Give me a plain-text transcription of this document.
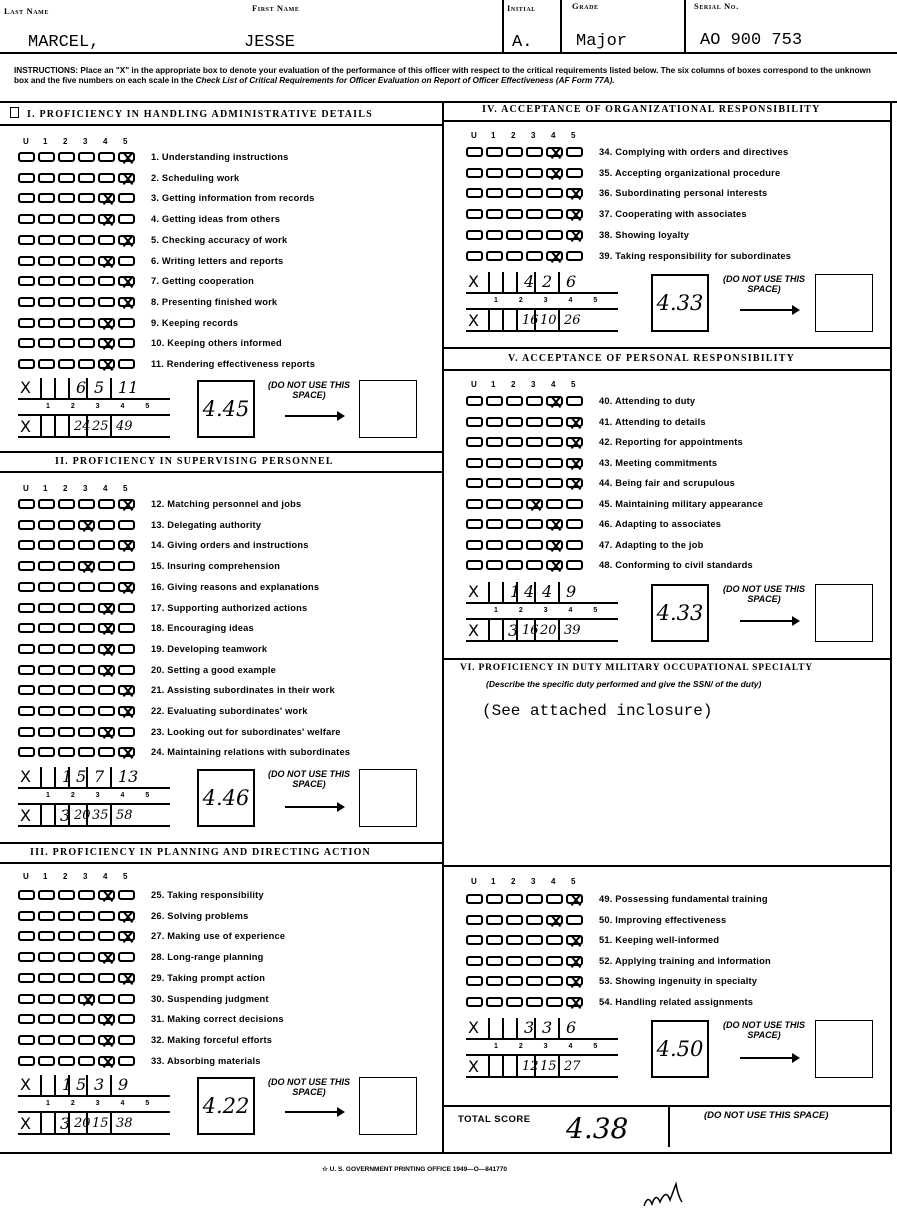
Last Name
MARCEL,
First Name
JESSE
Initial
A.
Grade
Major
Serial No.
AO 900 753
INSTRUCTIONS: Place an "X" in the appropriate box to denote your evaluation of the performance of this officer with respect to the critical requirements listed below. The six columns of boxes correspond to the unknown box and the five numbers on each scale in the Check List of Critical Requirements for Officer Evaluation on Report of Officer Effectiveness (AF Form 77A).
I. PROFICIENCY IN HANDLING ADMINISTRATIVE DETAILS
U 1 2 3 4 5
1. Understanding instructions
2. Scheduling work
3. Getting information from records
4. Getting ideas from others
5. Checking accuracy of work
6. Writing letters and reports
7. Getting cooperation
8. Presenting finished work
9. Keeping records
10. Keeping others informed
11. Rendering effectiveness reports
X	6 5 11
X	24 25 49
1 2 3 4 5 4.45
(DO NOT USE THIS SPACE)
II. PROFICIENCY IN SUPERVISING PERSONNEL
U 1 2 3 4 5
12. Matching personnel and jobs
13. Delegating authority
14. Giving orders and instructions
15. Insuring comprehension
16. Giving reasons and explanations
17. Supporting authorized actions
18. Encouraging ideas
19. Developing teamwork
20. Setting a good example
21. Assisting subordinates in their work
22. Evaluating subordinates' work
23. Looking out for subordinates' welfare
24. Maintaining relations with subordinates
X 1 5 7 13
X 3 20 35 58
1 2 3 4 5 4.46
(DO NOT USE THIS SPACE)
III. PROFICIENCY IN PLANNING AND DIRECTING ACTION
U 1 2 3 4 5
25. Taking responsibility
26. Solving problems
27. Making use of experience
28. Long-range planning
29. Taking prompt action
30. Suspending judgment
31. Making correct decisions
32. Making forceful efforts
33. Absorbing materials
X 1 5 3 9
X 3 20 15 38
1 2 3 4 5 4.22
(DO NOT USE THIS SPACE)
IV. ACCEPTANCE OF ORGANIZATIONAL RESPONSIBILITY
U 1 2 3 4 5
34. Complying with orders and directives
35. Accepting organizational procedure
36. Subordinating personal interests
37. Cooperating with associates
38. Showing loyalty
39. Taking responsibility for subordinates
X	4 2 6
X	16 10 26
1 2 3 4 5 4.33
(DO NOT USE THIS SPACE)
V. ACCEPTANCE OF PERSONAL RESPONSIBILITY
U 1 2 3 4 5
40. Attending to duty
41. Attending to details
42. Reporting for appointments
43. Meeting commitments
44. Being fair and scrupulous
45. Maintaining military appearance
46. Adapting to associates
47. Adapting to the job
48. Conforming to civil standards
X 1 4 4 9
X 3 16 20 39
1 2 3 4 5 4.33
(DO NOT USE THIS SPACE)
VI. PROFICIENCY IN DUTY MILITARY OCCUPATIONAL SPECIALTY
(Describe the specific duty performed and give the SSN/ of the duty)
(See attached inclosure)
U 1 2 3 4 5
49. Possessing fundamental training
50. Improving effectiveness
51. Keeping well-informed
52. Applying training and information
53. Showing ingenuity in specialty
54. Handling related assignments
X	3 3 6
X	12 15 27
1 2 3 4 5 4.50
(DO NOT USE THIS SPACE)
TOTAL SCORE 4.38	(DO NOT USE THIS SPACE)
☆ U. S. GOVERNMENT PRINTING OFFICE 1949—O—841770
